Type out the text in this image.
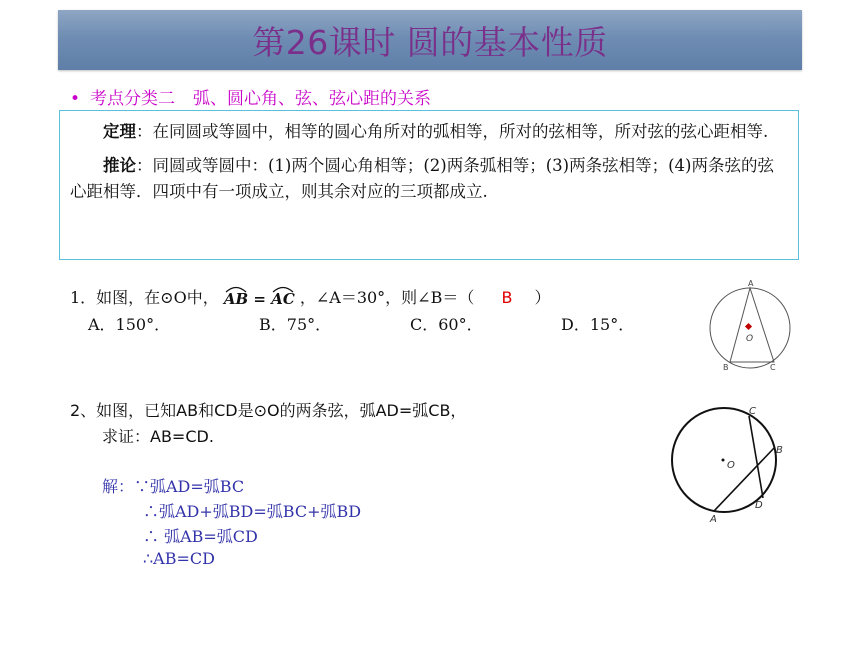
第26课时 圆的基本性质
• 考点分类二 弧、圆心角、弦、弦心距的关系

定理：在同圆或等圆中，相等的圆心角所对的弧相等，所对的弦相等，所对弦的弦心距相等.

推论：同圆或等圆中：(1)两个圆心角相等；(2)两条弧相等；(3)两条弦相等；(4)两条弦的弦心距相等．四项中有一项成立，则其余对应的三项都成立.

1．如图，在⊙O中， AB = AC ，∠A＝30°，则∠B＝（ B ）
A．150°．	B．75°．	C．60°．	D．15°．
A
O
B	C
2、如图，已知AB和CD是⊙O的两条弦，弧AD=弧CB，
求证：AB=CD.
解：∵弧AD=弧BC
∴弧AD+弧BD=弧BC+弧BD
∴ 弧AB=弧CD
∴AB=CD
O
C
B
D
A
